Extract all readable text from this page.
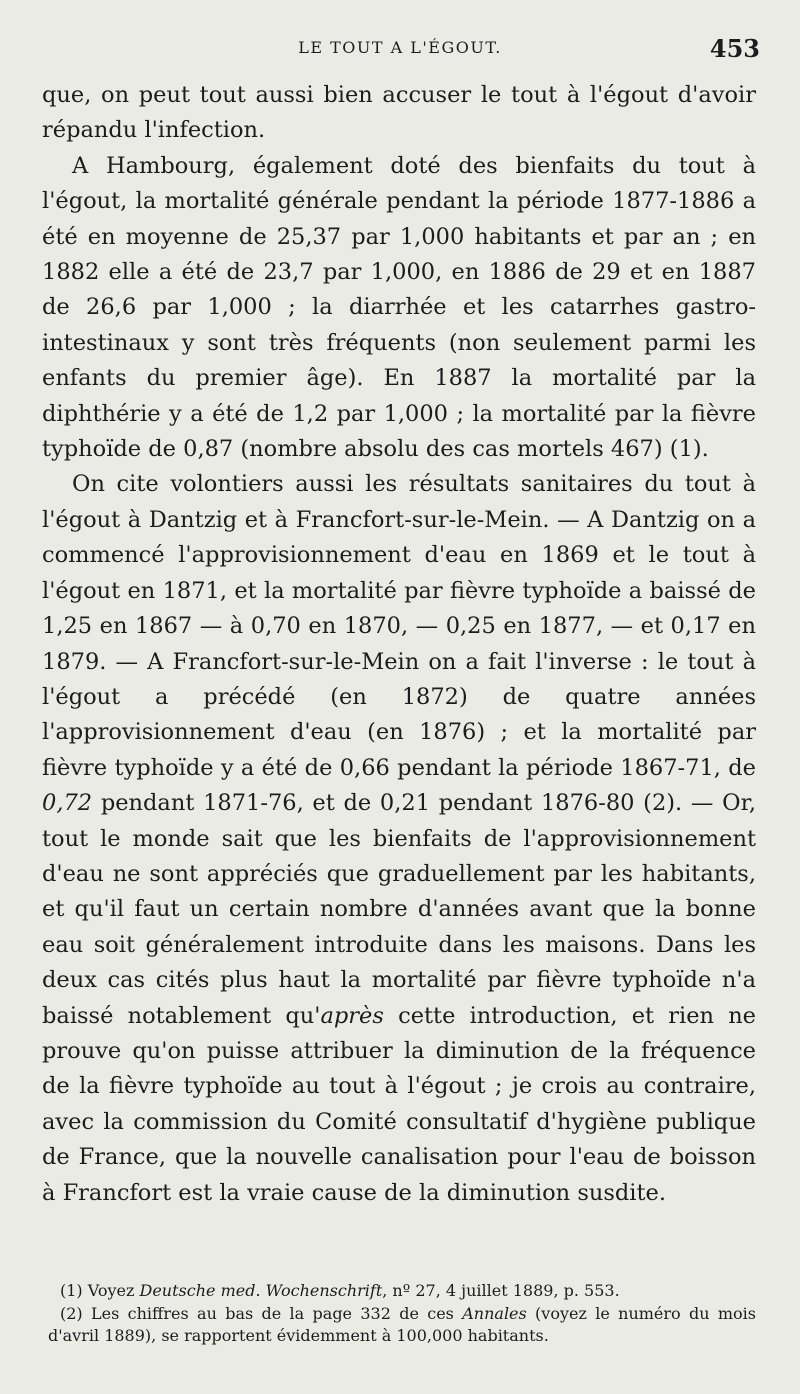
LE TOUT A L'ÉGOUT.	453

que, on peut tout aussi bien accuser le tout à l'égout d'avoir répandu l'infection.

A Hambourg, également doté des bienfaits du tout à l'égout, la mortalité générale pendant la période 1877-1886 a été en moyenne de 25,37 par 1,000 habitants et par an ; en 1882 elle a été de 23,7 par 1,000, en 1886 de 29 et en 1887 de 26,6 par 1,000 ; la diarrhée et les catarrhes gastro-intestinaux y sont très fréquents (non seulement parmi les enfants du premier âge). En 1887 la mortalité par la diphthérie y a été de 1,2 par 1,000 ; la mortalité par la fièvre typhoïde de 0,87 (nombre absolu des cas mortels 467) (1).

On cite volontiers aussi les résultats sanitaires du tout à l'égout à Dantzig et à Francfort-sur-le-Mein. — A Dantzig on a commencé l'approvisionnement d'eau en 1869 et le tout à l'égout en 1871, et la mortalité par fièvre typhoïde a baissé de 1,25 en 1867 — à 0,70 en 1870, — 0,25 en 1877, — et 0,17 en 1879. — A Francfort-sur-le-Mein on a fait l'inverse : le tout à l'égout a précédé (en 1872) de quatre années l'approvisionnement d'eau (en 1876) ; et la mortalité par fièvre typhoïde y a été de 0,66 pendant la période 1867-71, de 0,72 pendant 1871-76, et de 0,21 pendant 1876-80 (2). — Or, tout le monde sait que les bienfaits de l'approvisionnement d'eau ne sont appréciés que graduellement par les habitants, et qu'il faut un certain nombre d'années avant que la bonne eau soit généralement introduite dans les maisons. Dans les deux cas cités plus haut la mortalité par fièvre typhoïde n'a baissé notablement qu'après cette introduction, et rien ne prouve qu'on puisse attribuer la diminution de la fréquence de la fièvre typhoïde au tout à l'égout ; je crois au contraire, avec la commission du Comité consultatif d'hygiène publique de France, que la nouvelle canalisation pour l'eau de boisson à Francfort est la vraie cause de la diminution susdite.

(1) Voyez Deutsche med. Wochenschrift, nº 27, 4 juillet 1889, p. 553.

(2) Les chiffres au bas de la page 332 de ces Annales (voyez le numéro du mois d'avril 1889), se rapportent évidemment à 100,000 habitants.
